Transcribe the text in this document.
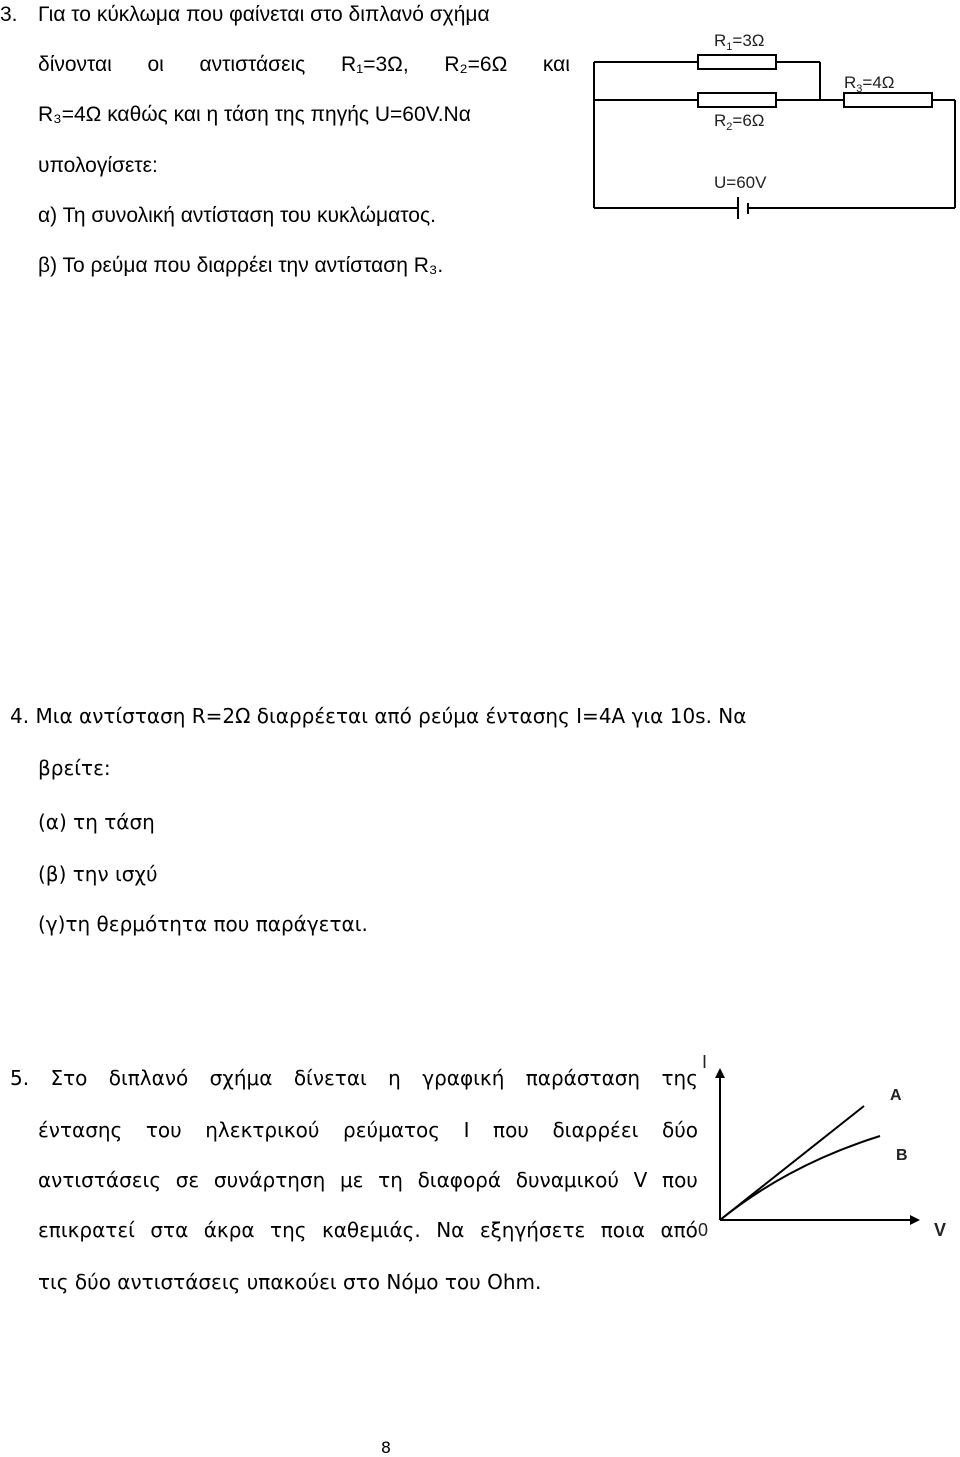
3. Για το κύκλωμα που φαίνεται στο διπλανό σχήμα
δίνονται οι αντιστάσεις R₁=3Ω, R₂=6Ω και
R₃=4Ω καθώς και η τάση της πηγής U=60V.Να
υπολογίσετε:
α) Τη συνολική αντίσταση του κυκλώματος.
β) Το ρεύμα που διαρρέει την αντίσταση R₃.
$R_1=3\Omega$
$R_2=6\Omega$
$R_3=4\Omega$
U=60V
4. Μια αντίσταση R=2Ω διαρρέεται από ρεύμα έντασης I=4A για 10s. Να
βρείτε:
(α) τη τάση
(β) την ισχύ
(γ)τη θερμότητα που παράγεται.
5. Στο διπλανό σχήμα δίνεται η γραφική παράσταση της
έντασης του ηλεκτρικού ρεύματος I που διαρρέει δύο
αντιστάσεις σε συνάρτηση με τη διαφορά δυναμικού V που
επικρατεί στα άκρα της καθεμιάς. Να εξηγήσετε ποια από
τις δύο αντιστάσεις υπακούει στο Νόμο του Ohm.
I
V
0
A
B
8
